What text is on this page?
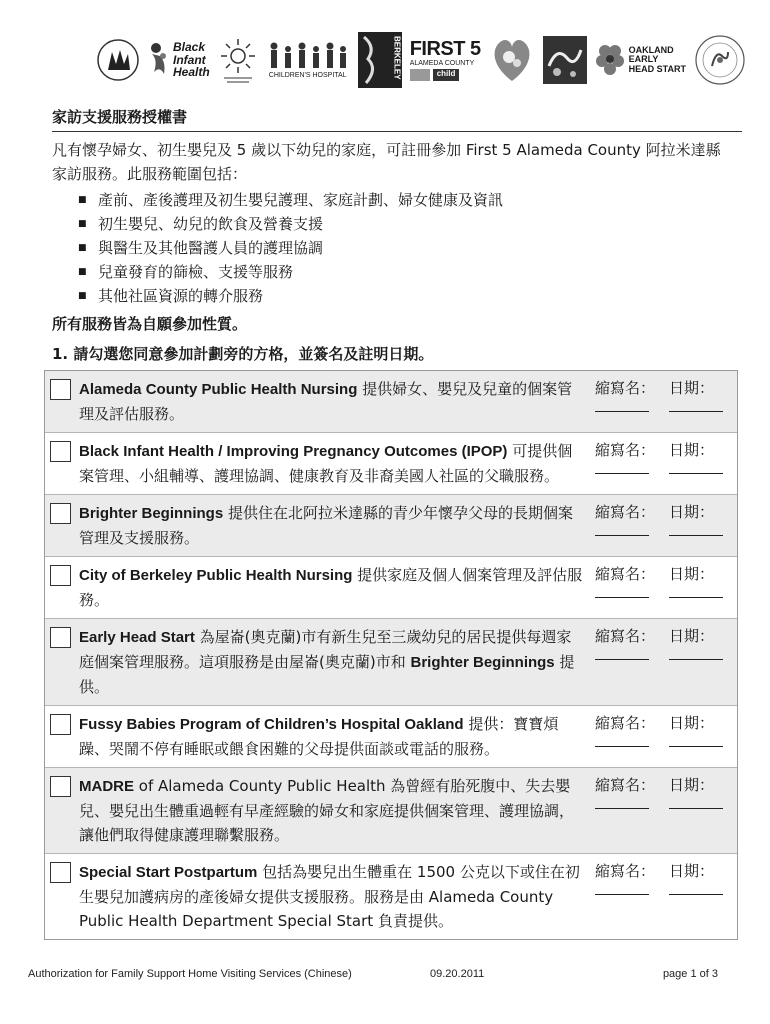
Black
Infant
Health	CHILDREN'S HOSPITAL	BERKELEY FIRST 5
ALAMEDA COUNTY
child
OAKLAND
EARLY
HEAD START
家訪支援服務授權書

凡有懷孕婦女、初生嬰兒及 5 歲以下幼兒的家庭，可註冊參加 First 5 Alameda County 阿拉米達縣家訪服務。此服務範圍包括：

■ 產前、產後護理及初生嬰兒護理、家庭計劃、婦女健康及資訊
■ 初生嬰兒、幼兒的飲食及營養支援
■ 與醫生及其他醫護人員的護理協調
■ 兒童發育的篩檢、支援等服務
■ 其他社區資源的轉介服務

所有服務皆為自願參加性質。

1. 請勾選您同意參加計劃旁的方格，並簽名及註明日期。

Alameda County Public Health Nursing 提供婦女、嬰兒及兒童的個案管理及評估服務。
縮寫名： 日期：
Black Infant Health / Improving Pregnancy Outcomes (IPOP) 可提供個案管理、小組輔導、護理協調、健康教育及非裔美國人社區的父職服務。
縮寫名： 日期：
Brighter Beginnings 提供住在北阿拉米達縣的青少年懷孕父母的長期個案管理及支援服務。
縮寫名： 日期：
City of Berkeley Public Health Nursing 提供家庭及個人個案管理及評估服務。
縮寫名： 日期：
Early Head Start 為屋崙(奧克蘭)市有新生兒至三歲幼兒的居民提供每週家庭個案管理服務。這項服務是由屋崙(奧克蘭)市和 Brighter Beginnings 提供。
縮寫名： 日期：
Fussy Babies Program of Children’s Hospital Oakland 提供：寶寶煩躁、哭鬧不停有睡眠或餵食困難的父母提供面談或電話的服務。
縮寫名： 日期：
MADRE of Alameda County Public Health 為曾經有胎死腹中、失去嬰兒、嬰兒出生體重過輕有早產經驗的婦女和家庭提供個案管理、護理協調，讓他們取得健康護理聯繫服務。
縮寫名： 日期：
Special Start Postpartum 包括為嬰兒出生體重在 1500 公克以下或住在初生嬰兒加護病房的產後婦女提供支援服務。服務是由 Alameda County Public Health Department Special Start 負責提供。
縮寫名： 日期：
Authorization for Family Support Home Visiting Services (Chinese)	09.20.2011	page 1 of 3
